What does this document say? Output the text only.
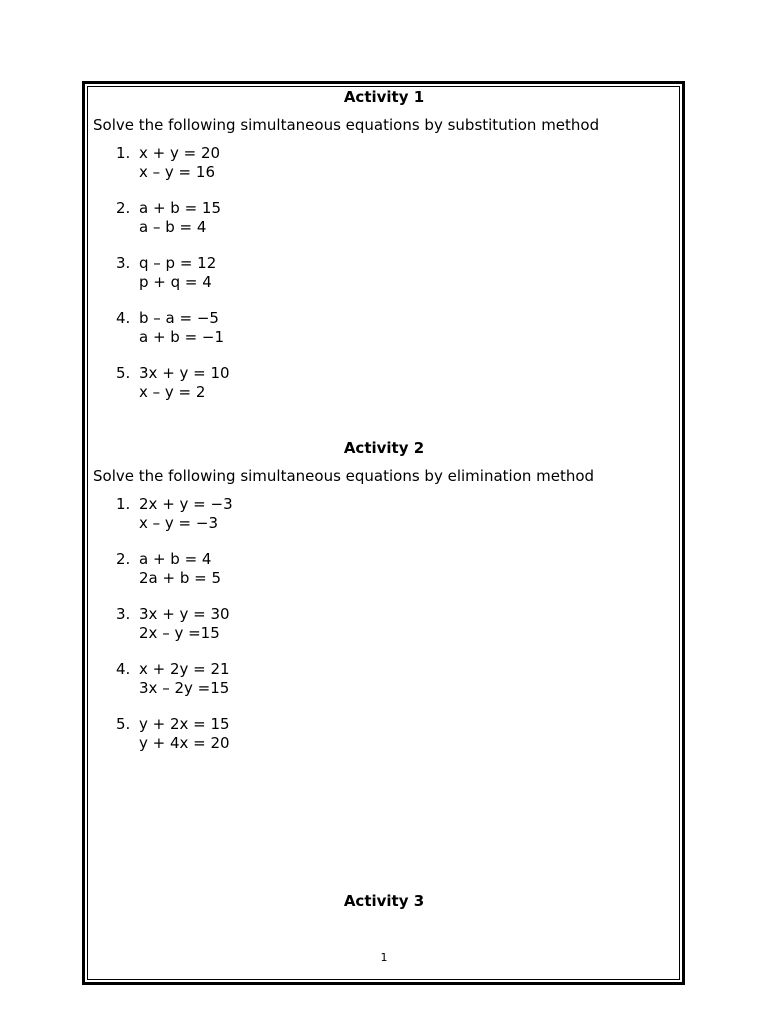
Activity 1
Solve the following simultaneous equations by substitution method
1. x + y = 20
x – y = 16
2. a + b = 15
a – b = 4
3. q – p = 12
p + q = 4
4. b – a = −5
a + b = −1
5. 3x + y = 10
x – y = 2
Activity 2
Solve the following simultaneous equations by elimination method
1. 2x + y = −3
x – y = −3
2. a + b = 4
2a + b = 5
3. 3x + y = 30
2x – y =15
4. x + 2y = 21
3x – 2y =15
5. y + 2x = 15
y + 4x = 20
Activity 3
1
